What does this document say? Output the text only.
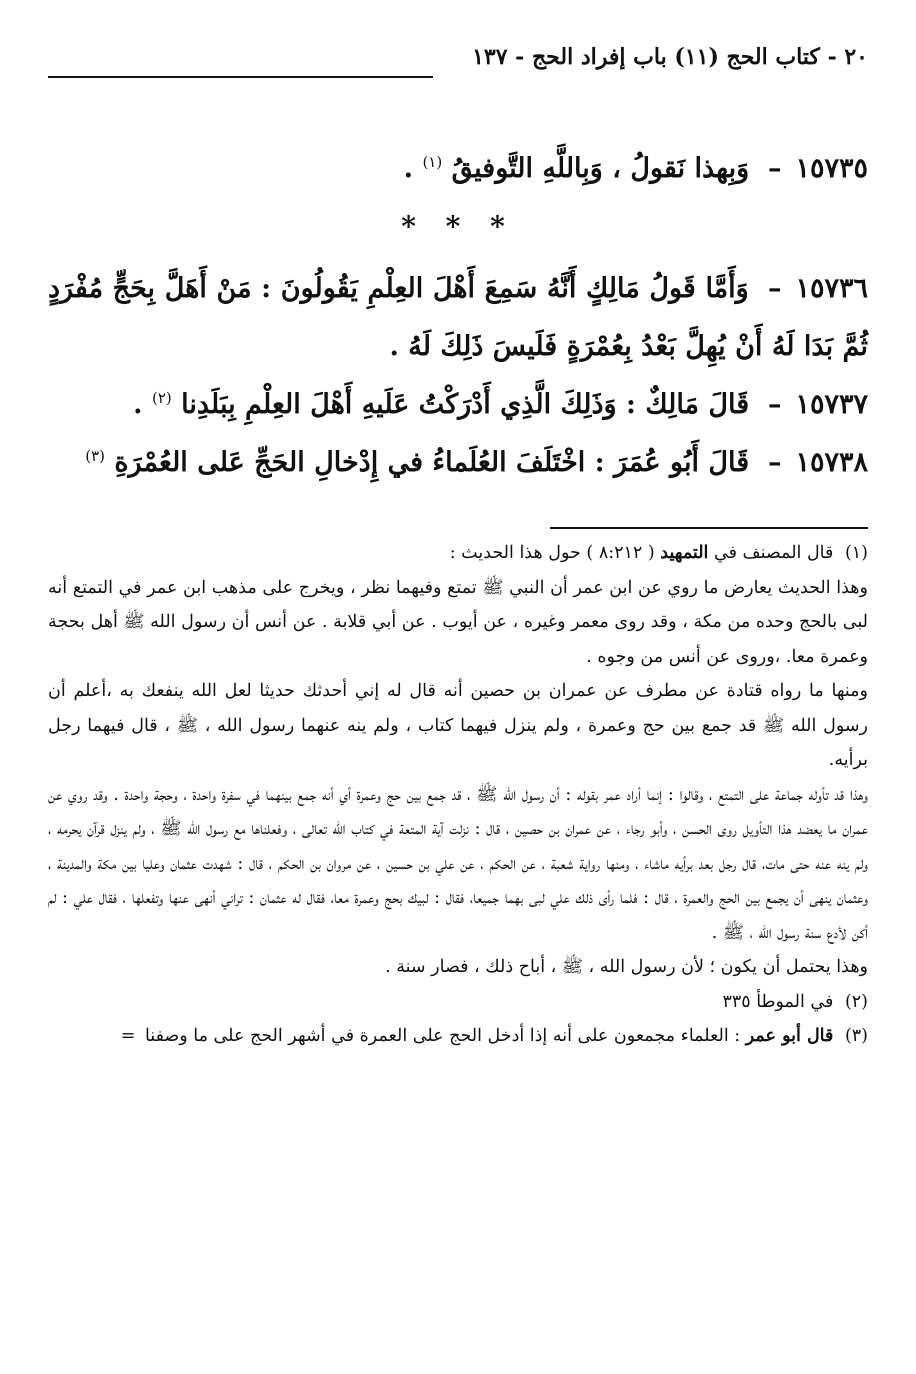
٢٠ - كتاب الحج (١١) باب إفراد الحج - ١٣٧

١٥٧٣٥–  وَبِهذا نَقولُ ، وَبِاللَّهِ التَّوفيقُ $^{(١)}$ .

* * *

١٥٧٣٦–  وَأَمَّا قَولُ مَالِكٍ أَنَّهُ سَمِعَ أَهْلَ العِلْمِ يَقُولُونَ : مَنْ أَهَلَّ بِحَجٍّ مُفْرَدٍ ثُمَّ بَدَا لَهُ أَنْ يُهِلَّ بَعْدُ بِعُمْرَةٍ فَلَيسَ ذَلِكَ لَهُ .

١٥٧٣٧–  قَالَ مَالِكٌ : وَذَلِكَ الَّذِي أَدْرَكْتُ عَلَيهِ أَهْلَ العِلْمِ بِبَلَدِنا $^{(٢)}$ .

١٥٧٣٨–  قَالَ أَبُو عُمَرَ : اخْتَلَفَ العُلَماءُ في إِدْخالِ الحَجِّ عَلى العُمْرَةِ $^{(٣)}$

(١) قال المصنف في التمهيد ( ٨:٢١٢ ) حول هذا الحديث :

وهذا الحديث يعارض ما روي عن ابن عمر أن النبي ﷺ تمتع وفيهما نظر ، ويخرج على مذهب ابن عمر في التمتع أنه لبى بالحج وحده من مكة ، وقد روى معمر وغيره ، عن أيوب . عن أبي قلابة . عن أنس أن رسول الله ﷺ أهل بحجة وعمرة معا. ،وروى عن أنس من وجوه .

ومنها ما رواه قتادة عن مطرف عن عمران بن حصين أنه قال له إني أحدثك حديثا لعل الله ينفعك به ،أعلم أن رسول الله ﷺ قد جمع بين حج وعمرة ، ولم ينزل فيهما كتاب ، ولم ينه عنهما رسول الله ، ﷺ ، قال فيهما رجل برأيه.

وهذا قد تأوله جماعة على التمتع ، وقالوا : إنما أراد عمر بقوله : أن رسول الله ﷺ ، قد جمع بين حج وعمرة أي أنه جمع بينهما في سفرة واحدة ، وحجة واحدة . وقد روي عن عمران ما يعضد هذا التأويل روى الحسن ، وأبو رجاء ، عن عمران بن حصين ، قال : نزلت آية المتعة في كتاب الله تعالى ، وفعلناها مع رسول الله ﷺ ، ولم ينزل قرآن يحرمه ، ولم ينه عنه حتى مات، قال رجل بعد برأيه ماشاء ، ومنها رواية شعبة ، عن الحكم ، عن علي بن حسين ، عن مروان بن الحكم ، قال : شهدت عثمان وعليا بين مكة والمدينة ، وعثمان ينهى أن يجمع بين الحج والعمرة ، قال : فلما رأى ذلك علي لبى بهما جميعا، فقال : لبيك بحج وعمرة معا، فقال له عثمان : تراني أنهى عنها وتفعلها ، فقال علي : لم أكن لأدع سنة رسول الله ، ﷺ .

وهذا يحتمل أن يكون ؛ لأن رسول الله ، ﷺ ، أباح ذلك ، فصار سنة .

(٢) في الموطأ ٣٣٥

(٣) قال أبو عمر : العلماء مجمعون على أنه إذا أدخل الحج على العمرة في أشهر الحج على ما وصفنا =
